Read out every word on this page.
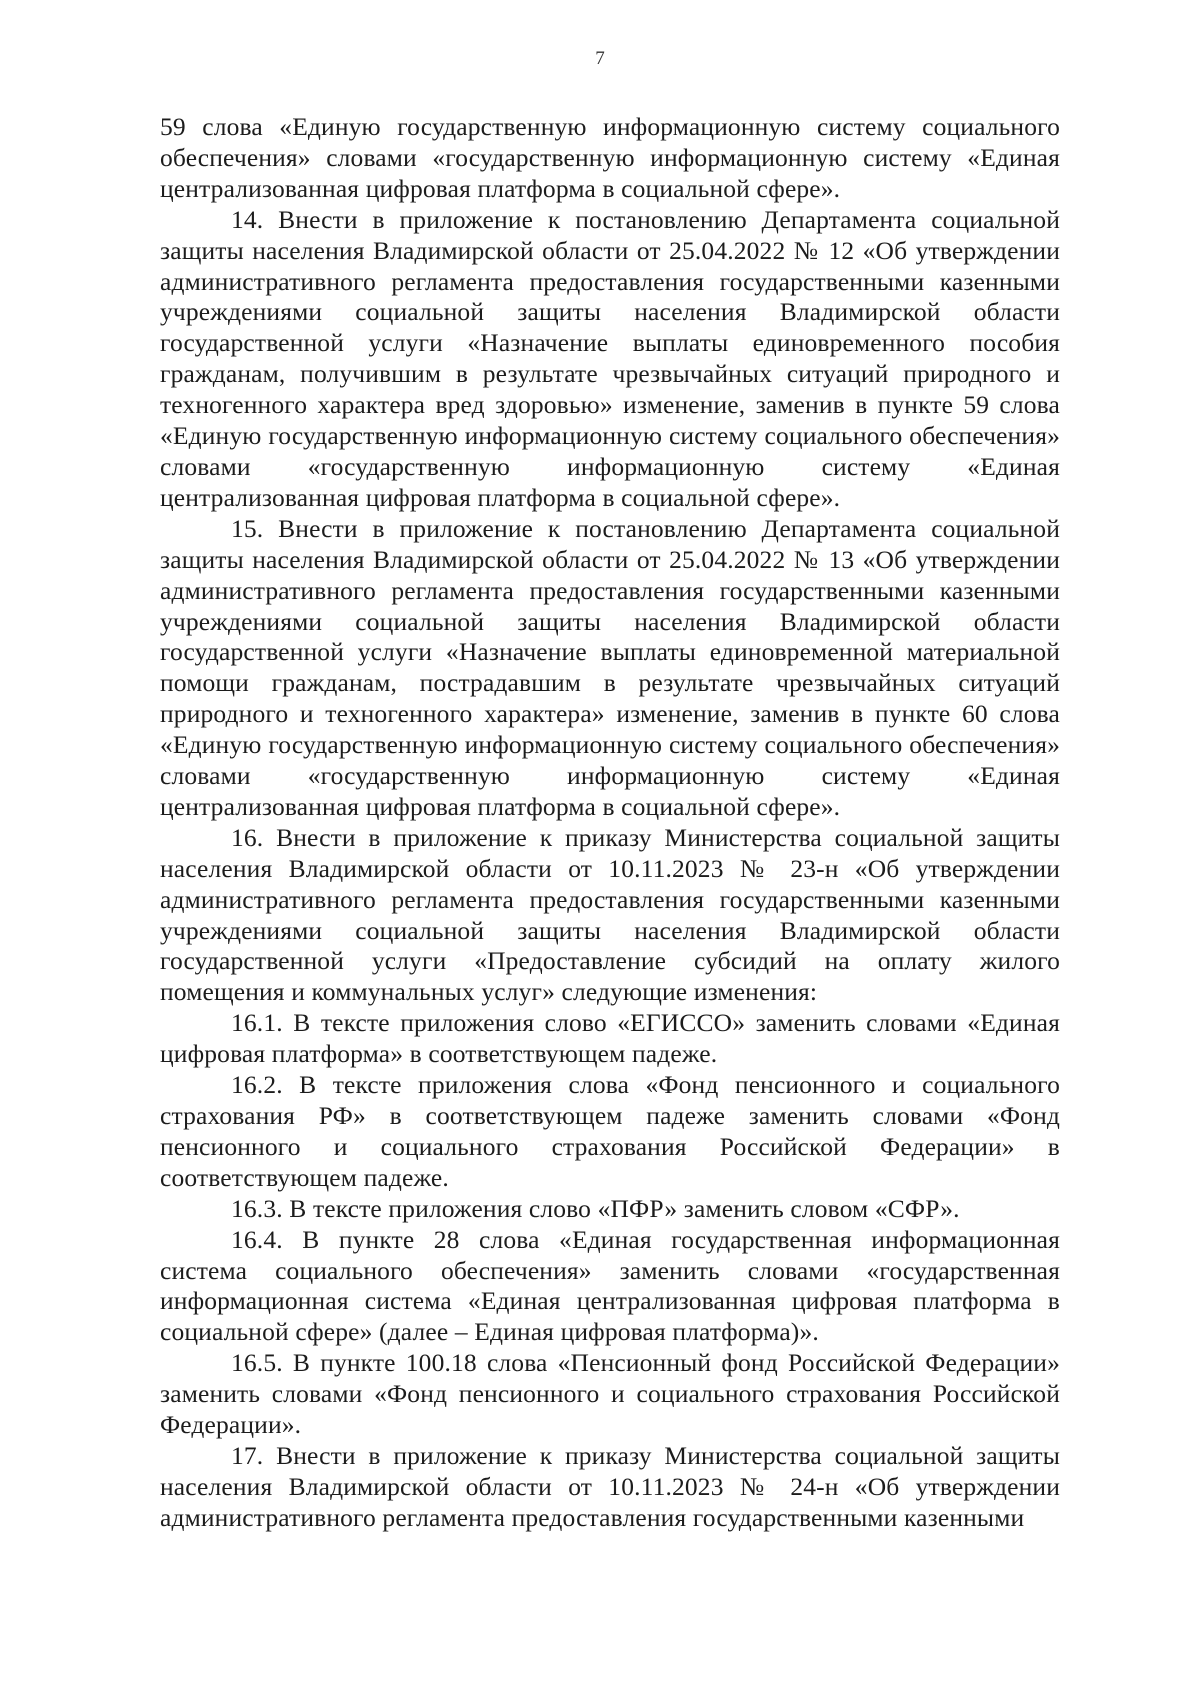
7

59 слова «Единую государственную информационную систему социального обеспечения» словами «государственную информационную систему «Единая централизованная цифровая платформа в социальной сфере».

14. Внести в приложение к постановлению Департамента социальной защиты населения Владимирской области от 25.04.2022 № 12 «Об утверждении административного регламента предоставления государственными казенными учреждениями социальной защиты населения Владимирской области государственной услуги «Назначение выплаты единовременного пособия гражданам, получившим в результате чрезвычайных ситуаций природного и техногенного характера вред здоровью» изменение, заменив в пункте 59 слова «Единую государственную информационную систему социального обеспечения» словами «государственную информационную систему «Единая централизованная цифровая платформа в социальной сфере».

15. Внести в приложение к постановлению Департамента социальной защиты населения Владимирской области от 25.04.2022 № 13 «Об утверждении административного регламента предоставления государственными казенными учреждениями социальной защиты населения Владимирской области государственной услуги «Назначение выплаты единовременной материальной помощи гражданам, пострадавшим в результате чрезвычайных ситуаций природного и техногенного характера» изменение, заменив в пункте 60 слова «Единую государственную информационную систему социального обеспечения» словами «государственную информационную систему «Единая централизованная цифровая платформа в социальной сфере».

16. Внести в приложение к приказу Министерства социальной защиты населения Владимирской области от 10.11.2023 № 23-н «Об утверждении административного регламента предоставления государственными казенными учреждениями социальной защиты населения Владимирской области государственной услуги «Предоставление субсидий на оплату жилого помещения и коммунальных услуг» следующие изменения:

16.1. В тексте приложения слово «ЕГИССО» заменить словами «Единая цифровая платформа» в соответствующем падеже.

16.2. В тексте приложения слова «Фонд пенсионного и социального страхования РФ» в соответствующем падеже заменить словами «Фонд пенсионного и социального страхования Российской Федерации» в соответствующем падеже.

16.3. В тексте приложения слово «ПФР» заменить словом «СФР».

16.4. В пункте 28 слова «Единая государственная информационная система социального обеспечения» заменить словами «государственная информационная система «Единая централизованная цифровая платформа в социальной сфере» (далее – Единая цифровая платформа)».

16.5. В пункте 100.18 слова «Пенсионный фонд Российской Федерации» заменить словами «Фонд пенсионного и социального страхования Российской Федерации».

17. Внести в приложение к приказу Министерства социальной защиты населения Владимирской области от 10.11.2023 № 24-н «Об утверждении административного регламента предоставления государственными казенными
